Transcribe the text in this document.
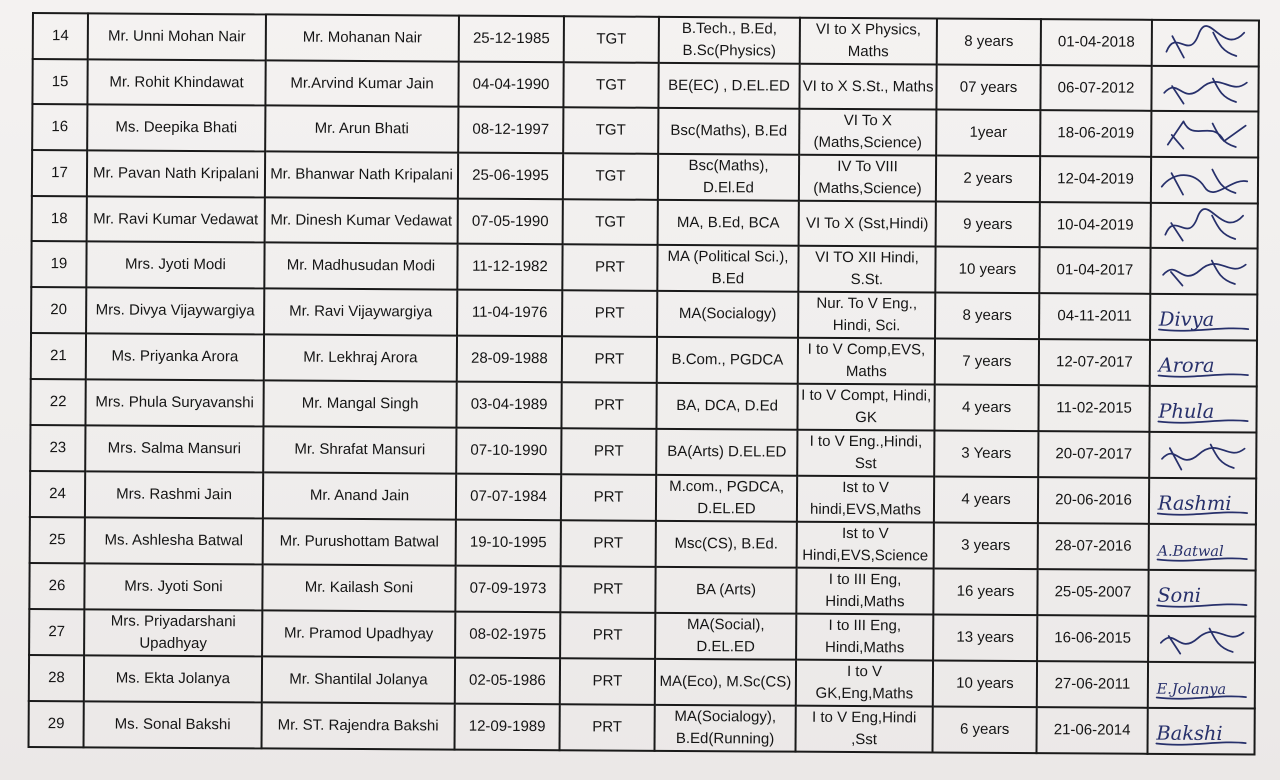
14	Mr. Unni Mohan Nair	Mr. Mohanan Nair	25-12-1985	TGT	B.Tech., B.Ed, B.Sc(Physics)	VI to X Physics, Maths	8 years	01-04-2018	

15	Mr. Rohit Khindawat	Mr.Arvind Kumar Jain	04-04-1990	TGT	BE(EC) , D.EL.ED	VI to X S.St., Maths	07 years	06-07-2012	

16	Ms. Deepika Bhati	Mr. Arun Bhati	08-12-1997	TGT	Bsc(Maths), B.Ed	VI To X (Maths,Science)	1year	18-06-2019	

17	Mr. Pavan Nath Kripalani	Mr. Bhanwar Nath Kripalani	25-06-1995	TGT	Bsc(Maths), D.El.Ed	IV To VIII (Maths,Science)	2 years	12-04-2019	

18	Mr. Ravi Kumar Vedawat	Mr. Dinesh Kumar Vedawat	07-05-1990	TGT	MA, B.Ed, BCA	VI To X (Sst,Hindi)	9 years	10-04-2019	

19	Mrs. Jyoti Modi	Mr. Madhusudan Modi	11-12-1982	PRT	MA (Political Sci.), B.Ed	VI TO XII Hindi, S.St.	10 years	01-04-2017	

20	Mrs. Divya Vijaywargiya	Mr. Ravi Vijaywargiya	11-04-1976	PRT	MA(Socialogy)	Nur. To V Eng., Hindi, Sci.	8 years	04-11-2011	Divya

21	Ms. Priyanka Arora	Mr. Lekhraj Arora	28-09-1988	PRT	B.Com., PGDCA	I to V Comp,EVS, Maths	7 years	12-07-2017	Arora

22	Mrs. Phula Suryavanshi	Mr. Mangal Singh	03-04-1989	PRT	BA, DCA, D.Ed	I to V Compt, Hindi, GK	4 years	11-02-2015	Phula

23	Mrs. Salma Mansuri	Mr. Shrafat Mansuri	07-10-1990	PRT	BA(Arts) D.EL.ED	I to V Eng.,Hindi, Sst	3 Years	20-07-2017	

24	Mrs. Rashmi Jain	Mr. Anand Jain	07-07-1984	PRT	M.com., PGDCA, D.EL.ED	Ist to V hindi,EVS,Maths	4 years	20-06-2016	Rashmi

25	Ms. Ashlesha Batwal	Mr. Purushottam Batwal	19-10-1995	PRT	Msc(CS), B.Ed.	Ist to V Hindi,EVS,Science	3 years	28-07-2016	A.Batwal

26	Mrs. Jyoti Soni	Mr. Kailash Soni	07-09-1973	PRT	BA (Arts)	I to III Eng, Hindi,Maths	16 years	25-05-2007	Soni

27	Mrs. Priyadarshani Upadhyay	Mr. Pramod Upadhyay	08-02-1975	PRT	MA(Social), D.EL.ED	I to III Eng, Hindi,Maths	13 years	16-06-2015	

28	Ms. Ekta Jolanya	Mr. Shantilal Jolanya	02-05-1986	PRT	MA(Eco), M.Sc(CS)	I to V GK,Eng,Maths	10 years	27-06-2011	E.Jolanya

29	Ms. Sonal Bakshi	Mr. ST. Rajendra Bakshi	12-09-1989	PRT	MA(Socialogy), B.Ed(Running)	I to V Eng,Hindi ,Sst	6 years	21-06-2014	Bakshi
